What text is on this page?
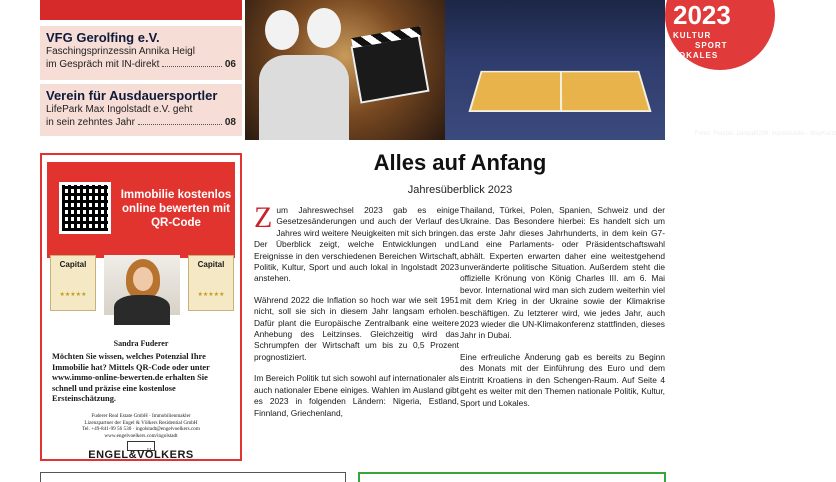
VFG Gerolfing e.V.
Faschingsprinzessin Annika Heigl
im Gespräch mit IN-direkt	06
Verein für Ausdauersportler
LifePark Max Ingolstadt e.V. geht
in sein zehntes Jahr	08
2023
KULTUR
SPORT
LOKALES
Fotos: Freepik: paripat9298, inguskrukitis - WayKurat
Immobilie kostenlos online bewerten mit QR-Code
Capital
★★★★★
Capital
★★★★★
Sandra Fuderer
Möchten Sie wissen, welches Potenzial Ihre Immobilie hat? Mittels QR-Code oder unter www.immo-online-bewerten.de erhalten Sie schnell und präzise eine kostenlose Ersteinschätzung.
Fuderer Real Estate GmbH · Immobilienmakler
Lizenzpartner der Engel & Völkers Residential GmbH
Tel. +49-841-99 56 530 · ingolstadt@engelvoelkers.com
www.engelvoelkers.com/ingolstadt
ENGEL&VÖLKERS
Alles auf Anfang
Jahresüberblick 2023

Zum Jahreswechsel 2023 gab es einige Gesetzesänderungen und auch der Verlauf des Jahres wird weitere Neuigkeiten mit sich bringen. Der Überblick zeigt, welche Entwicklungen und Ereignisse in den verschiedenen Bereichen Wirtschaft, Politik, Kultur, Sport und auch lokal in Ingolstadt 2023 anstehen.

Während 2022 die Inflation so hoch war wie seit 1951 nicht, soll sie sich in diesem Jahr langsam erholen. Dafür plant die Europäische Zentralbank eine weitere Anhebung des Leitzinses. Gleichzeitig wird das Schrumpfen der Wirtschaft um bis zu 0,5 Prozent prognostiziert.

Im Bereich Politik tut sich sowohl auf internationaler als auch nationaler Ebene einiges. Wahlen im Ausland gibt es 2023 in folgenden Ländern: Nigeria, Estland, Finnland, Griechenland,

Thailand, Türkei, Polen, Spanien, Schweiz und der Ukraine. Das Besondere hierbei: Es handelt sich um das erste Jahr dieses Jahrhunderts, in dem kein G7-Land eine Parlaments- oder Präsidentschaftswahl abhält. Experten erwarten daher eine weitestgehend unveränderte politische Situation. Außerdem steht die offizielle Krönung von König Charles III. am 6. Mai bevor. International wird man sich zudem weiterhin viel mit dem Krieg in der Ukraine sowie der Klimakrise beschäftigen. Zu letzterer wird, wie jedes Jahr, auch 2023 wieder die UN-Klimakonferenz stattfinden, dieses Jahr in Dubai.

Eine erfreuliche Änderung gab es bereits zu Beginn des Monats mit der Einführung des Euro und dem Eintritt Kroatiens in den Schengen-Raum. Auf Seite 4 geht es weiter mit den Themen nationale Politik, Kultur, Sport und Lokales.
